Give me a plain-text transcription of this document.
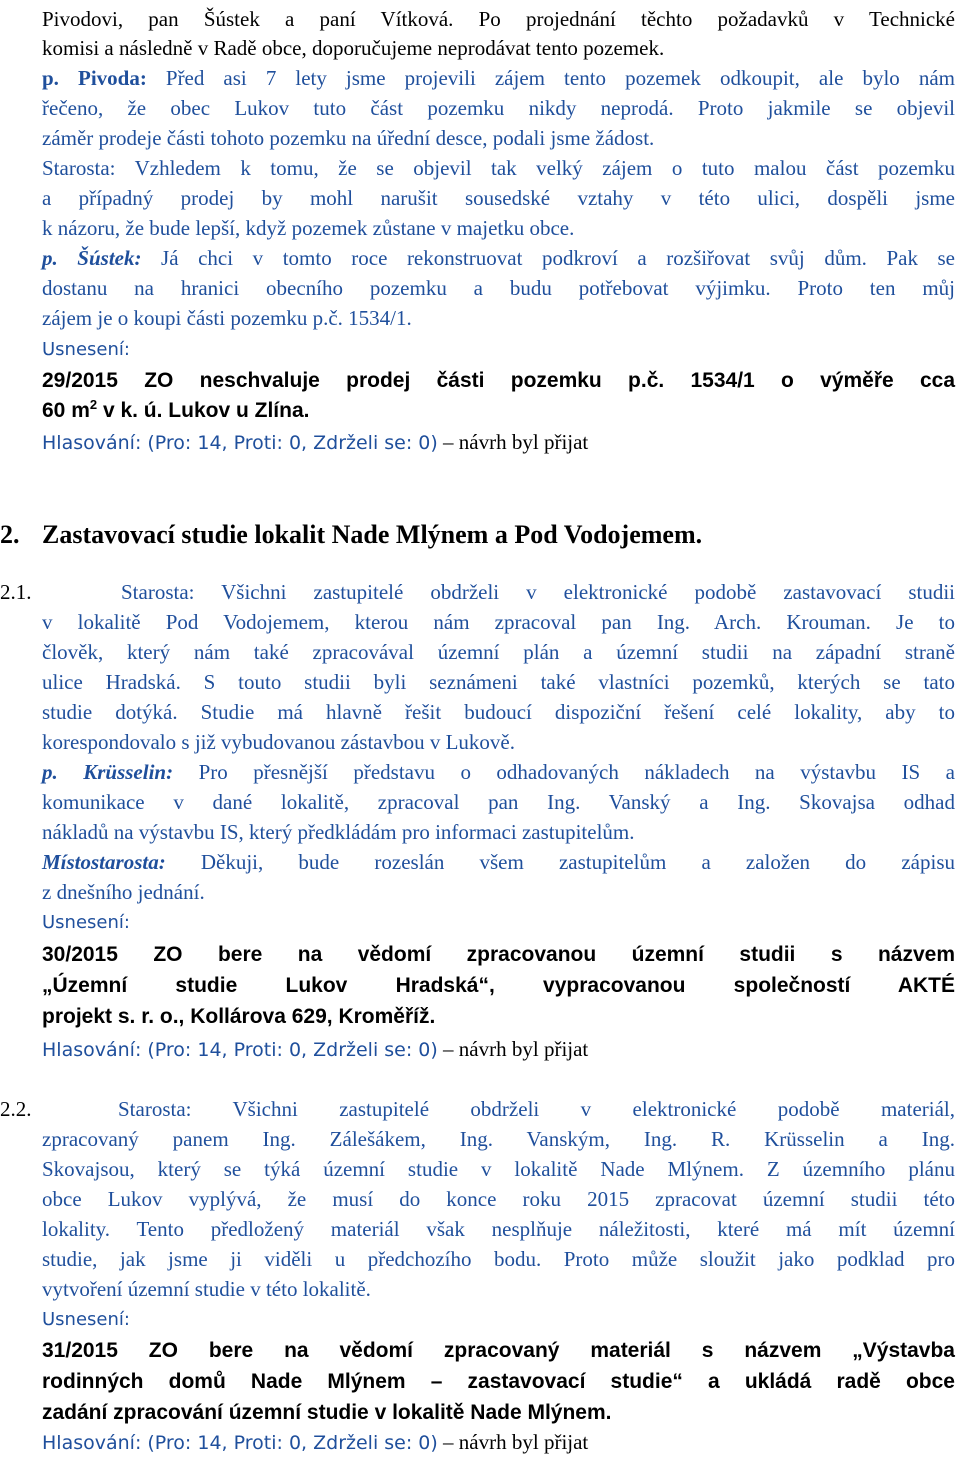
Pivodovi, pan Šústek a paní Vítková. Po projednání těchto požadavků v Technické
komisi a následně v Radě obce, doporučujeme neprodávat tento pozemek.
p. Pivoda: Před asi 7 lety jsme projevili zájem tento pozemek odkoupit, ale bylo nám
řečeno, že obec Lukov tuto část pozemku nikdy neprodá. Proto jakmile se objevil
záměr prodeje části tohoto pozemku na úřední desce, podali jsme žádost.
Starosta: Vzhledem k tomu, že se objevil tak velký zájem o tuto malou část pozemku
a případný prodej by mohl narušit sousedské vztahy v této ulici, dospěli jsme
k názoru, že bude lepší, když pozemek zůstane v majetku obce.
p. Šústek: Já chci v tomto roce rekonstruovat podkroví a rozšiřovat svůj dům. Pak se
dostanu na hranici obecního pozemku a budu potřebovat výjimku. Proto ten můj
zájem je o koupi části pozemku p.č. 1534/1.
Usnesení:
29/2015 ZO neschvaluje prodej části pozemku p.č. 1534/1 o výměře cca
60 $m^2$ v k. ú. Lukov u Zlína.
Hlasování: (Pro: 14, Proti: 0, Zdrželi se: 0) – návrh byl přijat
2. Zastavovací studie lokalit Nade Mlýnem a Pod Vodojemem.
2.1.	Starosta: Všichni zastupitelé obdrželi v elektronické podobě zastavovací studii
v lokalitě Pod Vodojemem, kterou nám zpracoval pan Ing. Arch. Krouman. Je to
člověk, který nám také zpracovával územní plán a územní studii na západní straně
ulice Hradská. S touto studii byli seznámeni také vlastníci pozemků, kterých se tato
studie dotýká. Studie má hlavně řešit budoucí dispoziční řešení celé lokality, aby to
korespondovalo s již vybudovanou zástavbou v Lukově.
p. Krüsselin: Pro přesnější představu o odhadovaných nákladech na výstavbu IS a
komunikace v dané lokalitě, zpracoval pan Ing. Vanský a Ing. Skovajsa odhad
nákladů na výstavbu IS, který předkládám pro informaci zastupitelům.
Místostarosta: Děkuji, bude rozeslán všem zastupitelům a založen do zápisu
z dnešního jednání.
Usnesení:
30/2015 ZO bere na vědomí zpracovanou územní studii s názvem
„Územní studie Lukov Hradská“, vypracovanou společností AKTÉ
projekt s. r. o., Kollárova 629, Kroměříž.
Hlasování: (Pro: 14, Proti: 0, Zdrželi se: 0) – návrh byl přijat
2.2.	Starosta: Všichni zastupitelé obdrželi v elektronické podobě materiál,
zpracovaný panem Ing. Zálešákem, Ing. Vanským, Ing. R. Krüsselin a Ing.
Skovajsou, který se týká územní studie v lokalitě Nade Mlýnem. Z územního plánu
obce Lukov vyplývá, že musí do konce roku 2015 zpracovat územní studii této
lokality. Tento předložený materiál však nesplňuje náležitosti, které má mít územní
studie, jak jsme ji viděli u předchozího bodu. Proto může sloužit jako podklad pro
vytvoření územní studie v této lokalitě.
Usnesení:
31/2015 ZO bere na vědomí zpracovaný materiál s názvem „Výstavba
rodinných domů Nade Mlýnem – zastavovací studie“ a ukládá radě obce
zadání zpracování územní studie v lokalitě Nade Mlýnem.
Hlasování: (Pro: 14, Proti: 0, Zdrželi se: 0) – návrh byl přijat
